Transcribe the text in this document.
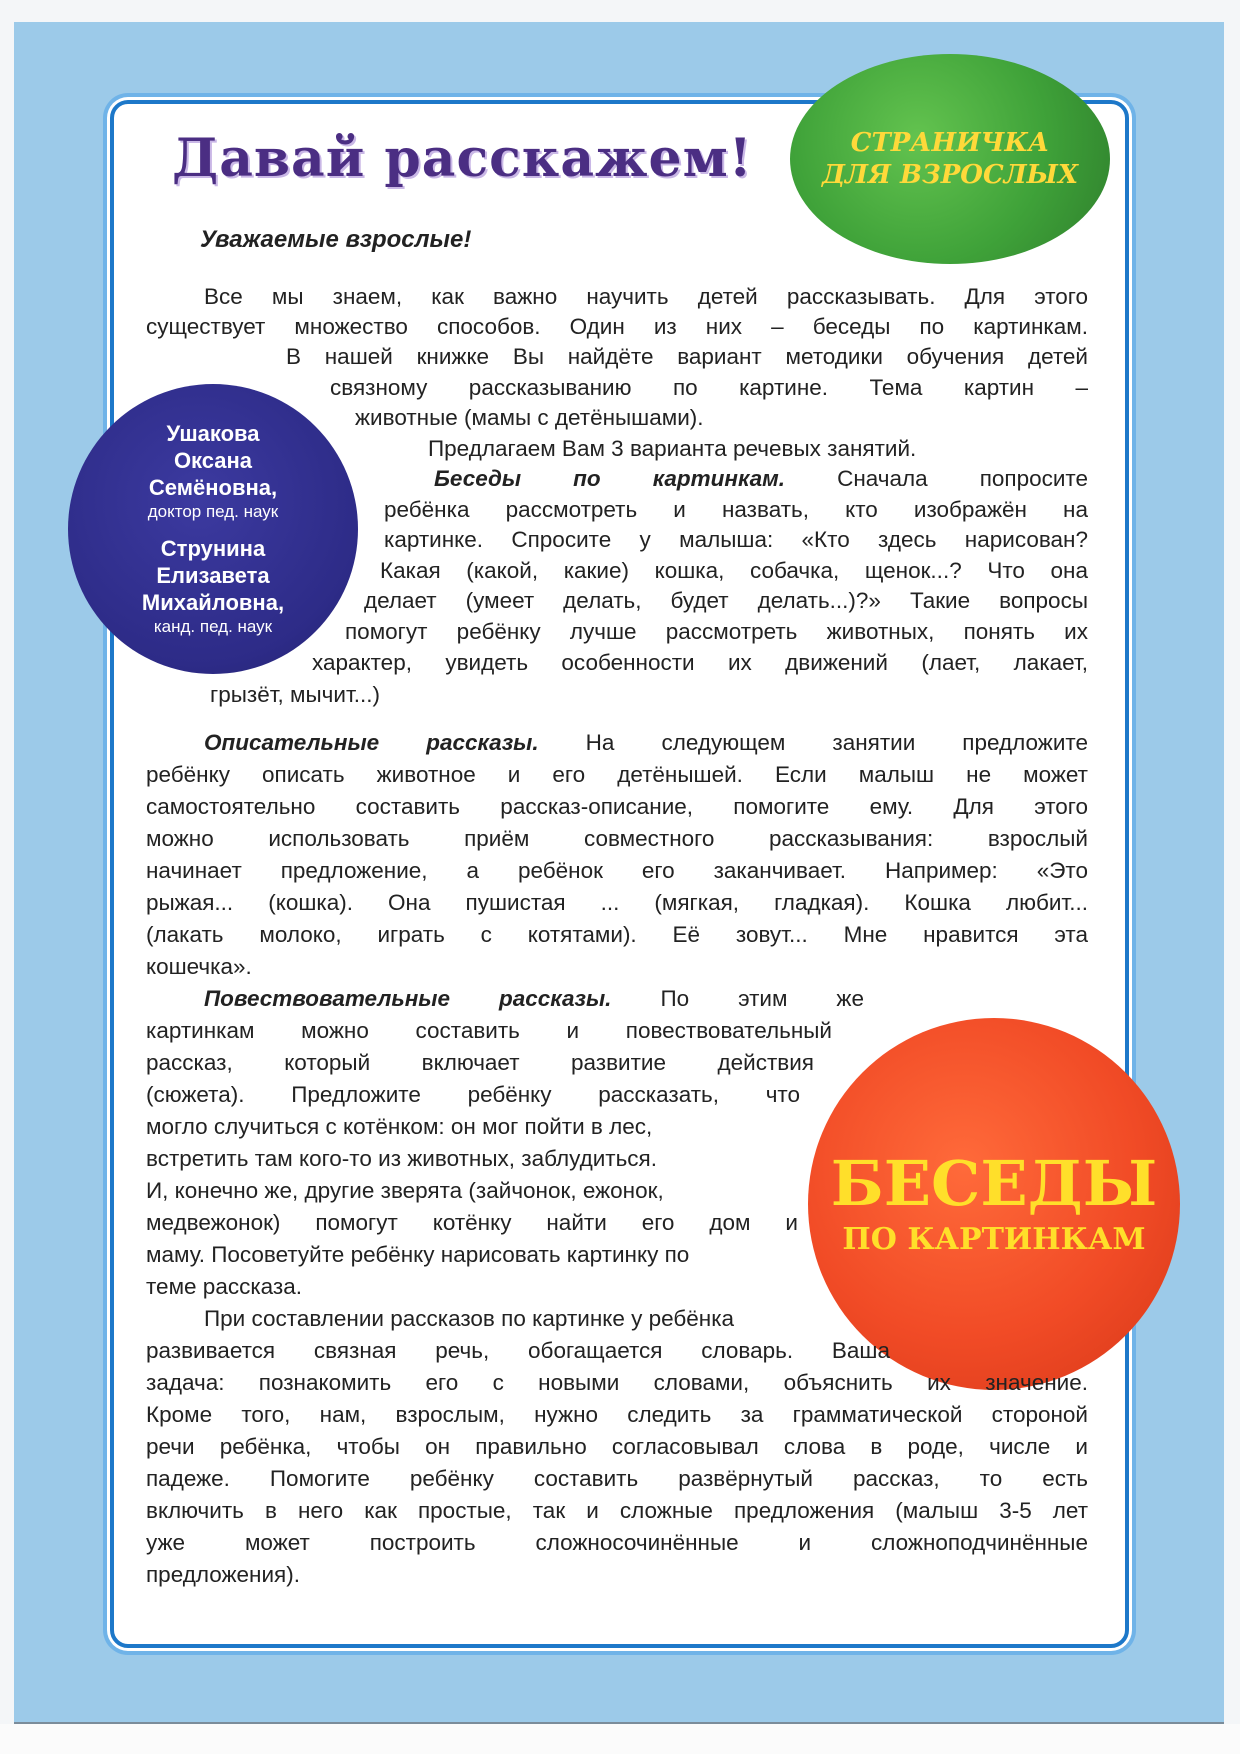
СТРАНИЧКА
ДЛЯ ВЗРОСЛЫХ
Давай расскажем!

Уважаемые взрослые!

Все мы знаем, как важно научить детей рассказывать. Для этого

существует множество способов. Один из них – беседы по картинкам.

В нашей книжке Вы найдёте вариант методики обучения детей

связному рассказыванию по картине. Тема картин –

животные (мамы с детёнышами).

Ушакова
Оксана
Семёновна,
доктор пед. наук
Струнина
Елизавета
Михайловна,
канд. пед. наук

Предлагаем Вам 3 варианта речевых занятий.

Беседы по картинкам. Сначала попросите

ребёнка рассмотреть и назвать, кто изображён на

картинке. Спросите у малыша: «Кто здесь нарисован?

Какая (какой, какие) кошка, собачка, щенок...? Что она

делает (умеет делать, будет делать...)?» Такие вопросы

помогут ребёнку лучше рассмотреть животных, понять их

характер, увидеть особенности их движений (лает, лакает,

грызёт, мычит...)

Описательные рассказы. На следующем занятии предложите

ребёнку описать животное и его детёнышей. Если малыш не может

самостоятельно составить рассказ-описание, помогите ему. Для этого

можно использовать приём совместного рассказывания: взрослый

начинает предложение, а ребёнок его заканчивает. Например: «Это

рыжая... (кошка). Она пушистая ... (мягкая, гладкая). Кошка любит...

(лакать молоко, играть с котятами). Её зовут... Мне нравится эта

кошечка».

Повествовательные рассказы. По этим же

картинкам можно составить и повествовательный

рассказ, который включает развитие действия

(сюжета). Предложите ребёнку рассказать, что

могло случиться с котёнком: он мог пойти в лес,

встретить там кого-то из животных, заблудиться.

И, конечно же, другие зверята (зайчонок, ежонок,

медвежонок) помогут котёнку найти его дом и

маму. Посоветуйте ребёнку нарисовать картинку по

теме рассказа.

БЕСЕДЫ
ПО КАРТИНКАМ

При составлении рассказов по картинке у ребёнка

развивается связная речь, обогащается словарь. Ваша

задача: познакомить его с новыми словами, объяснить их значение.

Кроме того, нам, взрослым, нужно следить за грамматической стороной

речи ребёнка, чтобы он правильно согласовывал слова в роде, числе и

падеже. Помогите ребёнку составить развёрнутый рассказ, то есть

включить в него как простые, так и сложные предложения (малыш 3-5 лет

уже может построить сложносочинённые и сложноподчинённые

предложения).
